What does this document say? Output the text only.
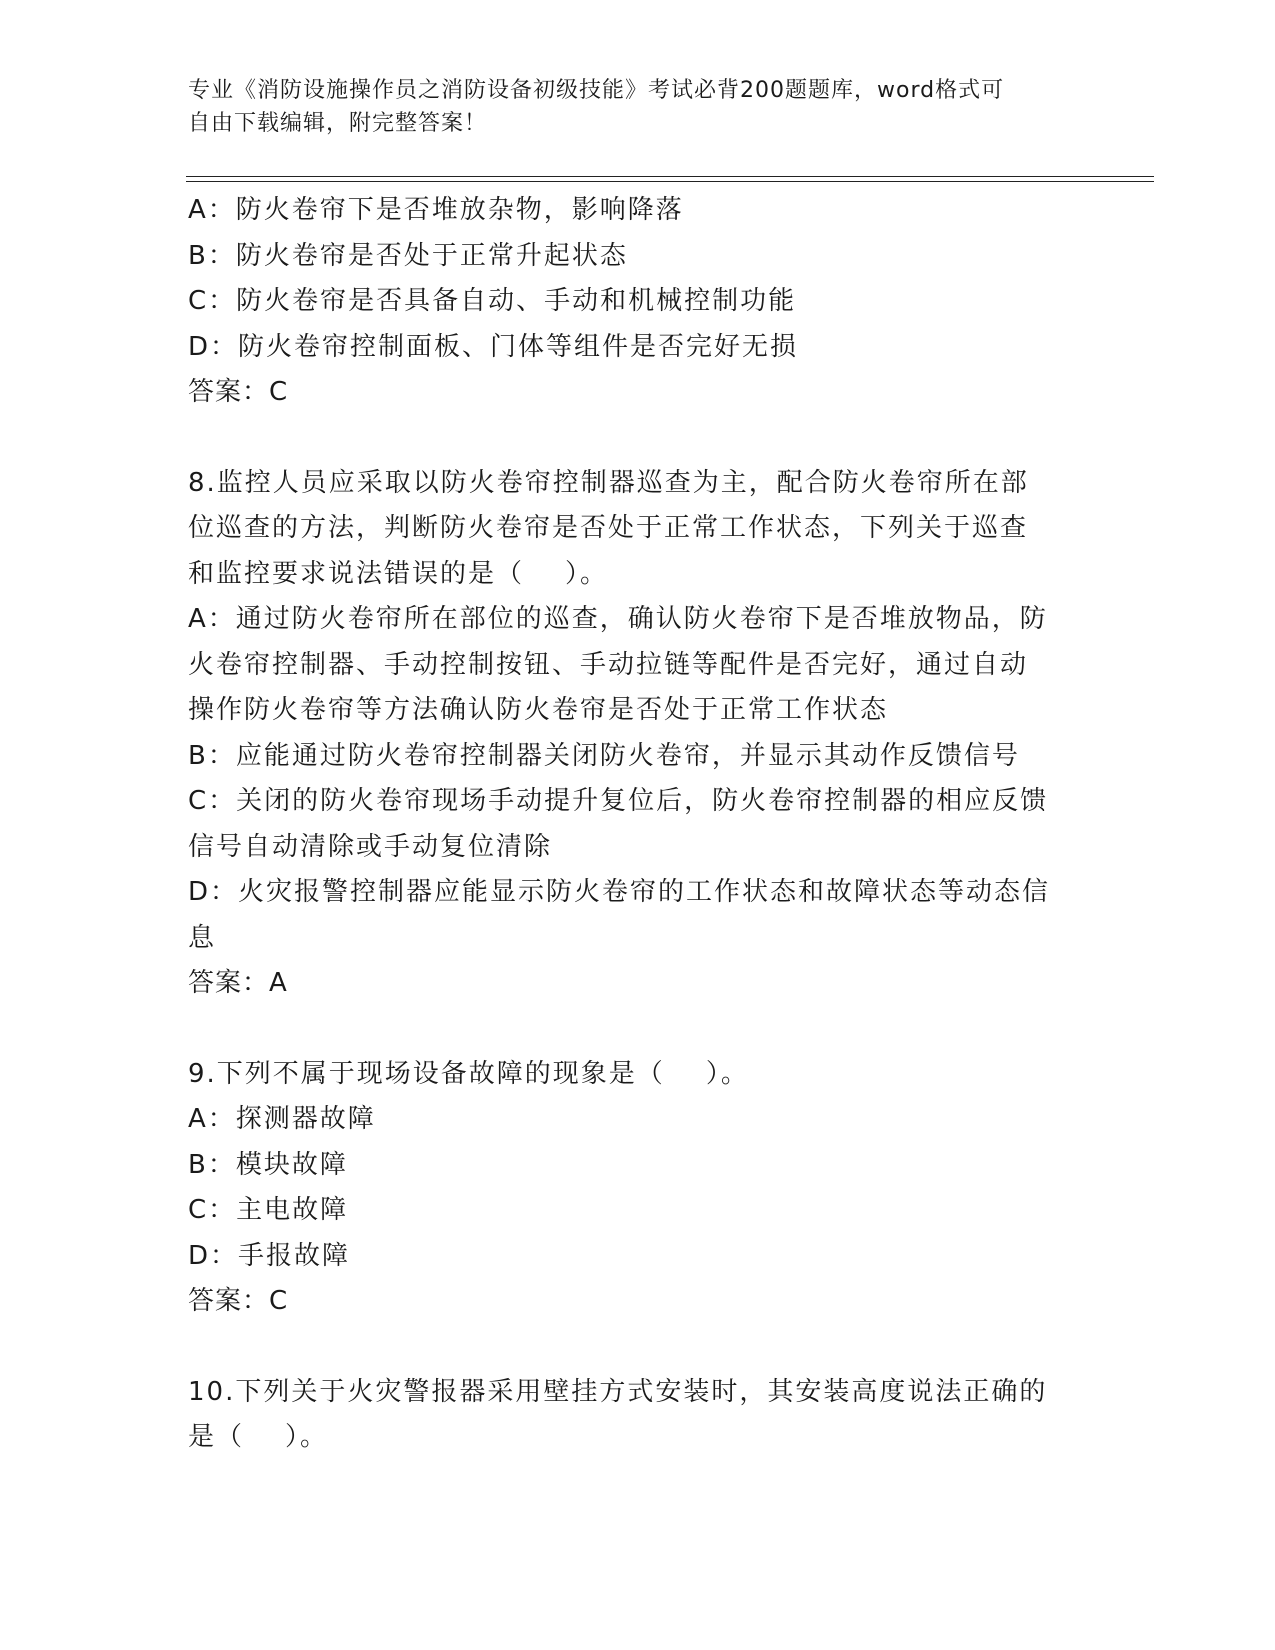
专业《消防设施操作员之消防设备初级技能》考试必背200题题库，word格式可
自由下载编辑，附完整答案！
A：防火卷帘下是否堆放杂物，影响降落
B：防火卷帘是否处于正常升起状态
C：防火卷帘是否具备自动、手动和机械控制功能
D：防火卷帘控制面板、门体等组件是否完好无损
答案：C
8.监控人员应采取以防火卷帘控制器巡查为主，配合防火卷帘所在部
位巡查的方法，判断防火卷帘是否处于正常工作状态，下列关于巡查
和监控要求说法错误的是（    ）。
A：通过防火卷帘所在部位的巡查，确认防火卷帘下是否堆放物品，防
火卷帘控制器、手动控制按钮、手动拉链等配件是否完好，通过自动
操作防火卷帘等方法确认防火卷帘是否处于正常工作状态
B：应能通过防火卷帘控制器关闭防火卷帘，并显示其动作反馈信号
C：关闭的防火卷帘现场手动提升复位后，防火卷帘控制器的相应反馈
信号自动清除或手动复位清除
D：火灾报警控制器应能显示防火卷帘的工作状态和故障状态等动态信
息
答案：A
9.下列不属于现场设备故障的现象是（    ）。
A：探测器故障
B：模块故障
C：主电故障
D：手报故障
答案：C
10.下列关于火灾警报器采用壁挂方式安装时，其安装高度说法正确的
是（    ）。
